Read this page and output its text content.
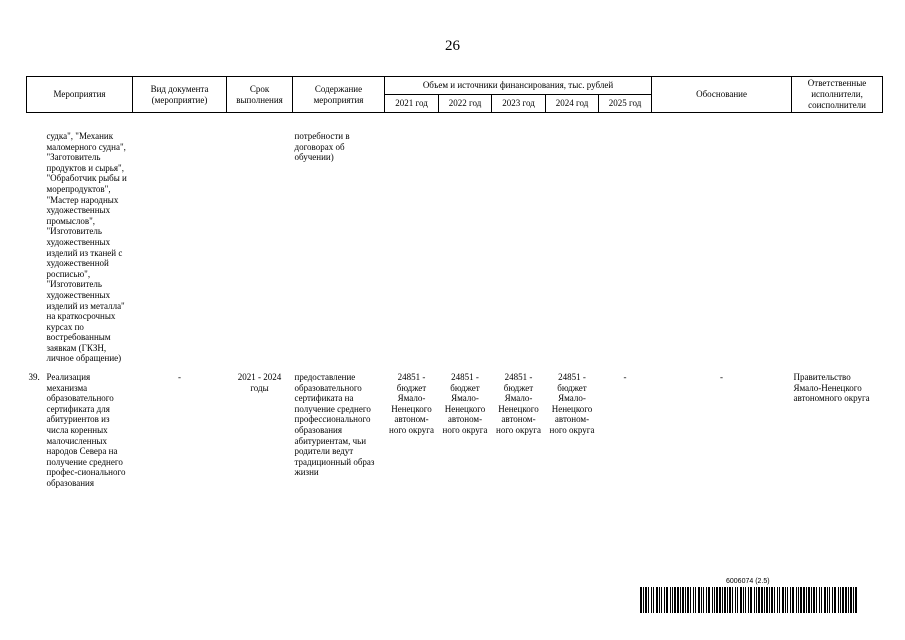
26
Мероприятия		Вид документа (мероприятие)	Срок выполнения	Содержание мероприятия	Объем и источники финансирования, тыс. рублей					Обоснование	Ответственные исполнители, соисполнители
					2021 год	2022 год	2023 год	2024 год	2025 год		
	судка", "Механик маломерного судна", "Заготовитель продуктов и сырья", "Обработчик рыбы и морепродуктов", "Мастер народных художественных промыслов", "Изготовитель художественных изделий из тканей с художественной росписью", "Изготовитель художественных изделий из металла" на краткосрочных курсах по востребованным заявкам (ГКЗН, личное обращение)			потребности в договорах об обучении)							
39.	Реализация механизма образовательного сертификата для абитуриентов из числа коренных малочисленных народов Севера на получение среднего профес-сионального образования	-	2021 - 2024 годы	предоставление образовательного сертификата на получение среднего профессионального образования абитуриентам, чьи родители ведут традиционный образ жизни	24851 - бюджет Ямало-Ненецкого автоном-ного округа	24851 - бюджет Ямало-Ненецкого автоном-ного округа	24851 - бюджет Ямало-Ненецкого автоном-ного округа	24851 - бюджет Ямало-Ненецкого автоном-ного округа	-	-	Правительство Ямало-Ненецкого автономного округа
6006074 (2.5)
